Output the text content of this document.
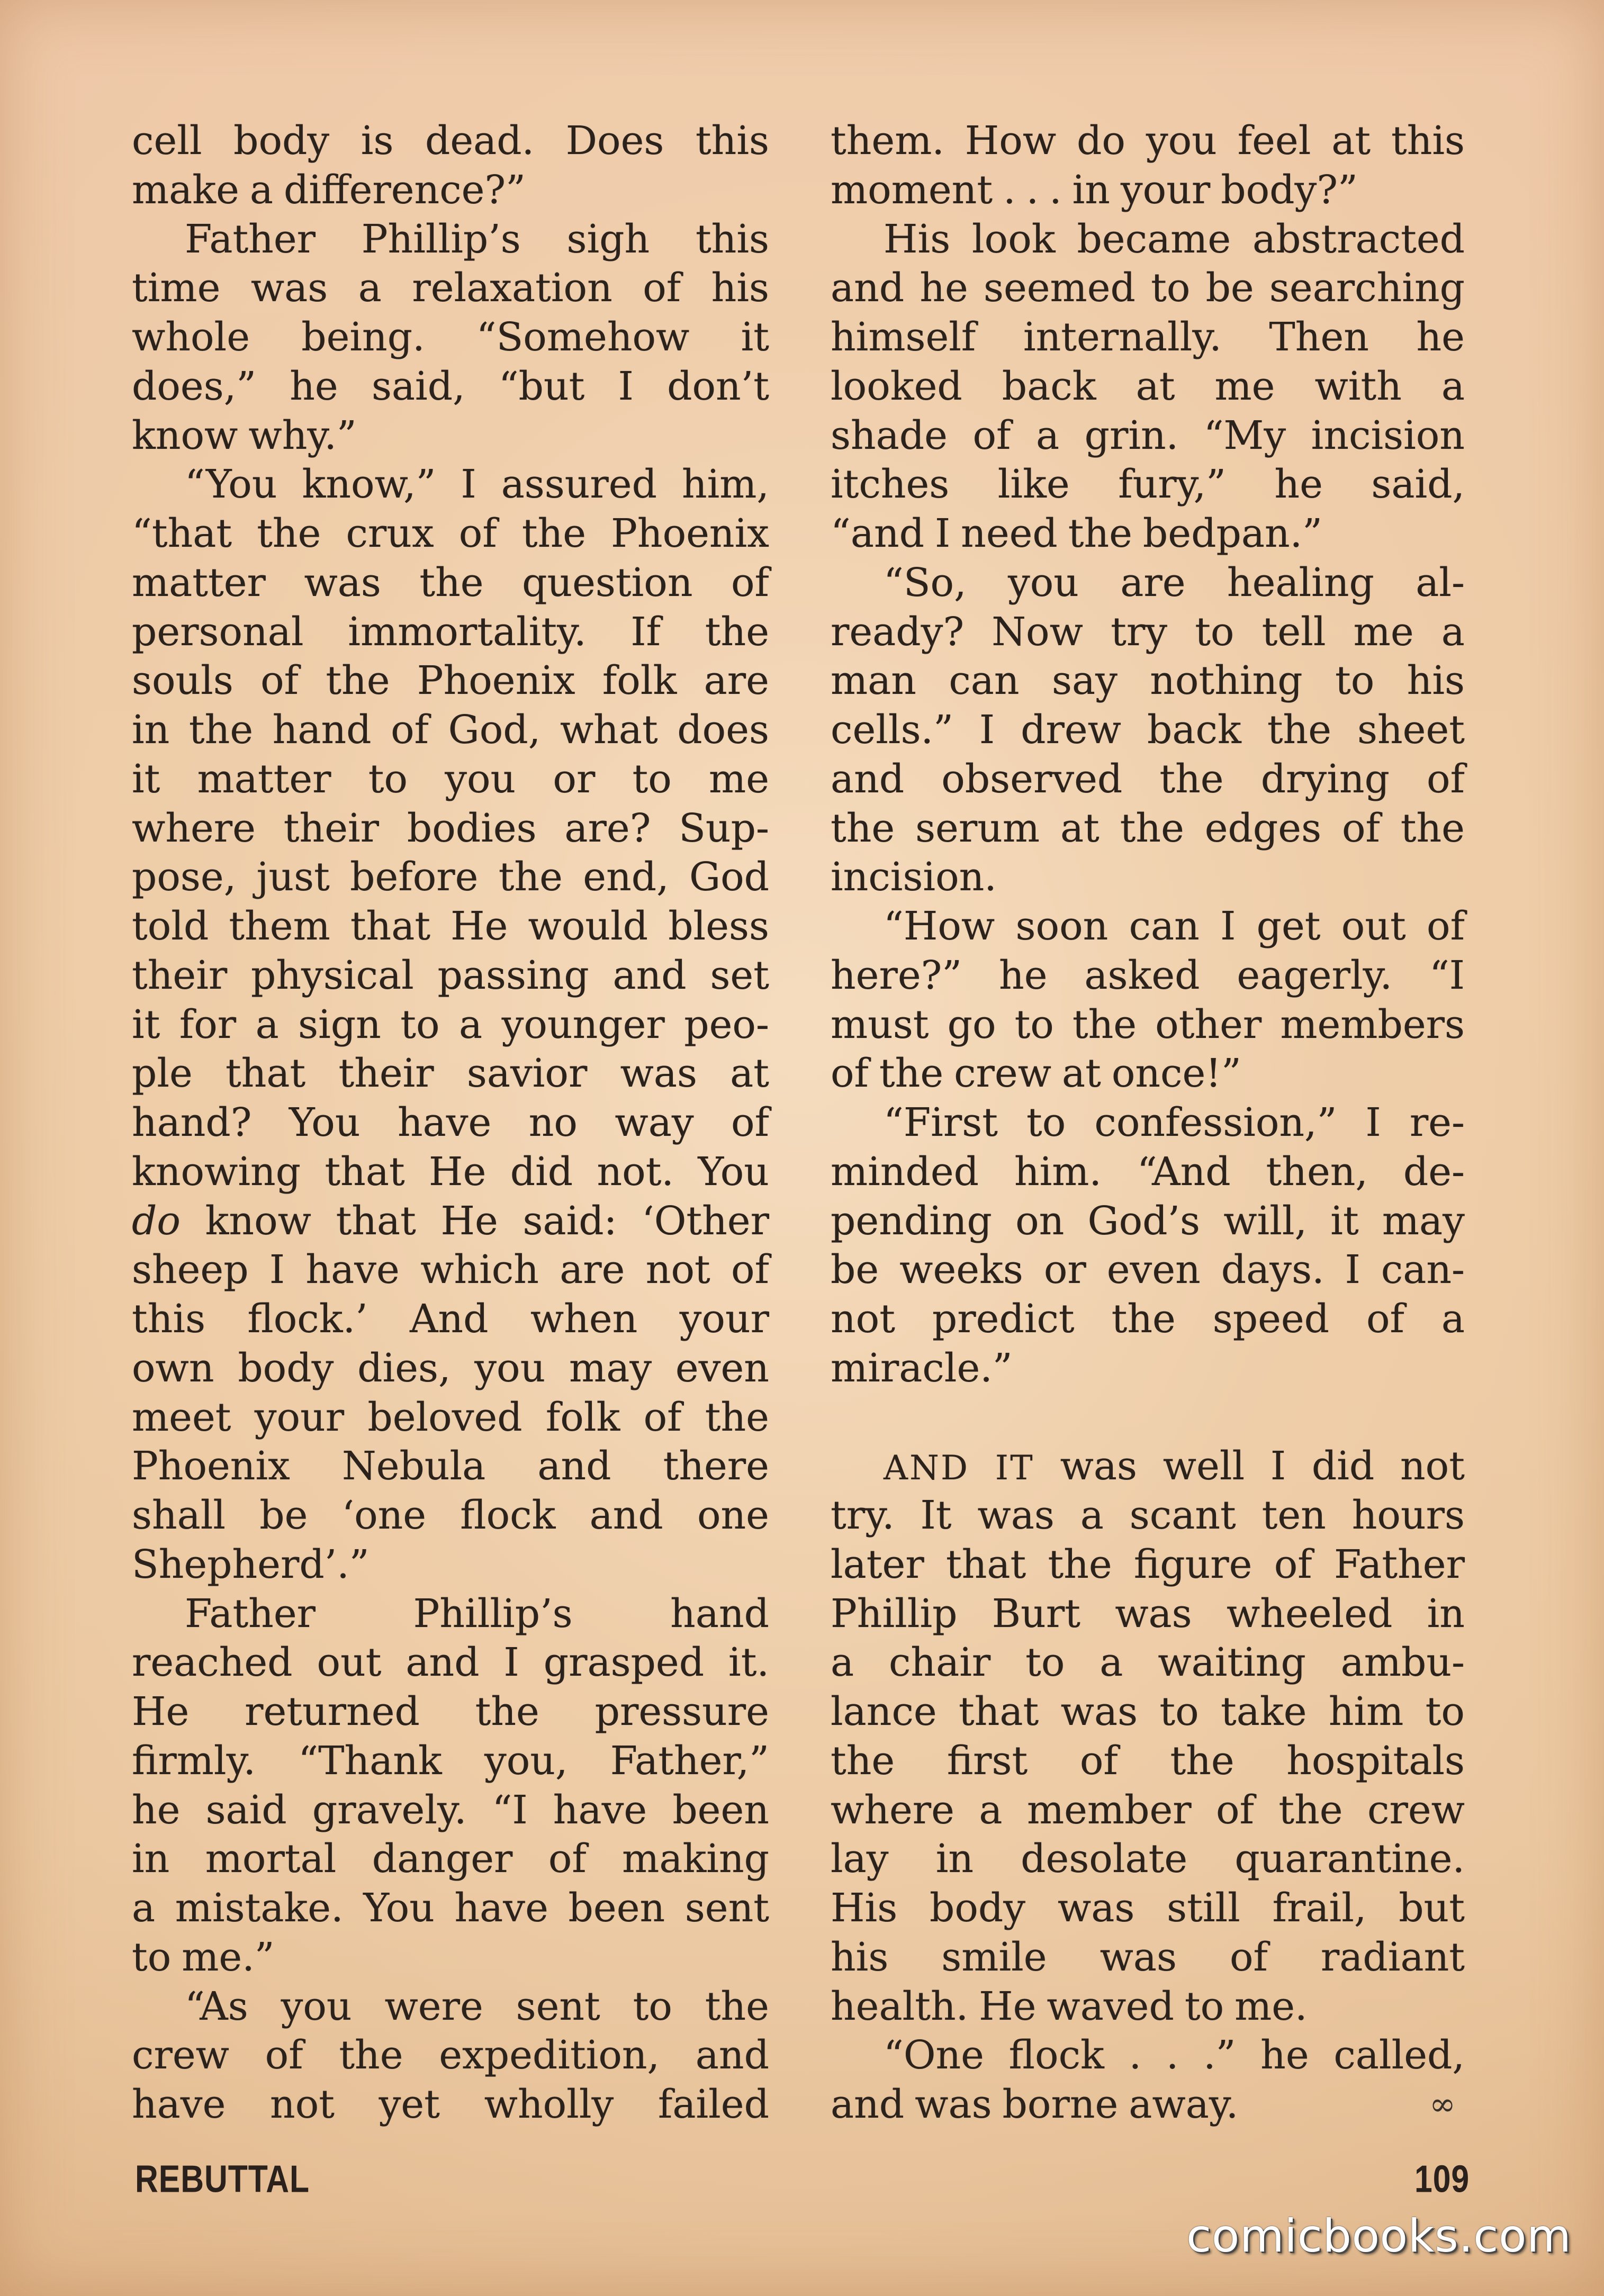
cell body is dead. Does this
make a difference?”
Father Phillip’s sigh this
time was a relaxation of his
whole being. “Somehow it
does,” he said, “but I don’t
know why.”
“You know,” I assured him,
“that the crux of the Phoenix
matter was the question of
personal immortality. If the
souls of the Phoenix folk are
in the hand of God, what does
it matter to you or to me
where their bodies are? Sup-
pose, just before the end, God
told them that He would bless
their physical passing and set
it for a sign to a younger peo-
ple that their savior was at
hand? You have no way of
knowing that He did not. You
do know that He said: ‘Other
sheep I have which are not of
this flock.’ And when your
own body dies, you may even
meet your beloved folk of the
Phoenix Nebula and there
shall be ‘one flock and one
Shepherd’.”
Father Phillip’s hand
reached out and I grasped it.
He returned the pressure
firmly. “Thank you, Father,”
he said gravely. “I have been
in mortal danger of making
a mistake. You have been sent
to me.”
“As you were sent to the
crew of the expedition, and
have not yet wholly failed
them. How do you feel at this
moment . . . in your body?”
His look became abstracted
and he seemed to be searching
himself internally. Then he
looked back at me with a
shade of a grin. “My incision
itches like fury,” he said,
“and I need the bedpan.”
“So, you are healing al-
ready? Now try to tell me a
man can say nothing to his
cells.” I drew back the sheet
and observed the drying of
the serum at the edges of the
incision.
“How soon can I get out of
here?” he asked eagerly. “I
must go to the other members
of the crew at once!”
“First to confession,” I re-
minded him. “And then, de-
pending on God’s will, it may
be weeks or even days. I can-
not predict the speed of a
miracle.”
AND IT was well I did not
try. It was a scant ten hours
later that the figure of Father
Phillip Burt was wheeled in
a chair to a waiting ambu-
lance that was to take him to
the first of the hospitals
where a member of the crew
lay in desolate quarantine.
His body was still frail, but
his smile was of radiant
health. He waved to me.
“One flock . . .” he called,
and was borne away.	∞
REBUTTAL	109
comicbooks.com
